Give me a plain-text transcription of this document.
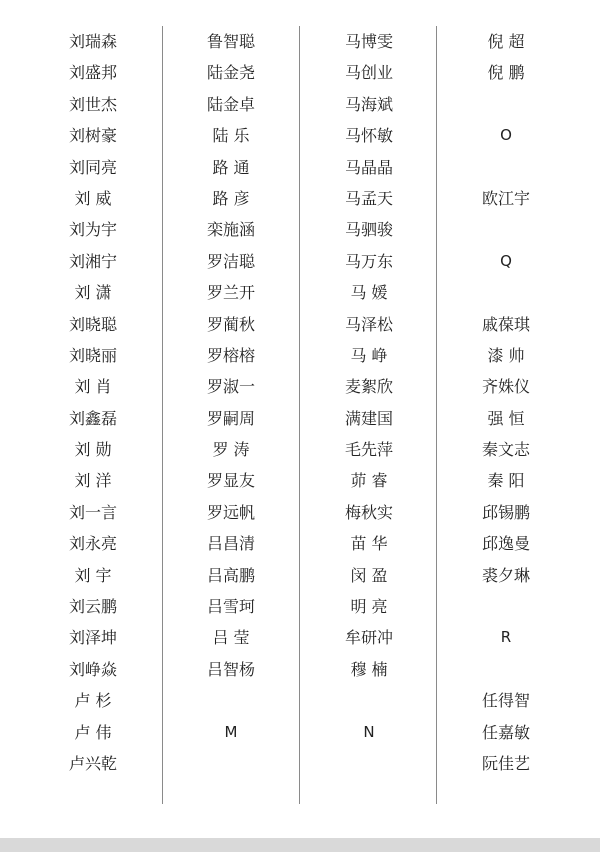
刘瑞森
刘盛邦
刘世杰
刘树豪
刘同亮
刘 威
刘为宇
刘湘宁
刘 潇
刘晓聪
刘晓丽
刘 肖
刘鑫磊
刘 勋
刘 洋
刘一言
刘永亮
刘 宇
刘云鹏
刘泽坤
刘峥焱
卢 杉
卢 伟
卢兴乾
鲁智聪
陆金尧
陆金卓
陆 乐
路 通
路 彦
栾施涵
罗洁聪
罗兰开
罗蔺秋
罗榕榕
罗淑一
罗嗣周
罗 涛
罗显友
罗远帆
吕昌清
吕高鹏
吕雪珂
吕 莹
吕智杨
M
马博雯
马创业
马海斌
马怀敏
马晶晶
马孟天
马驷骏
马万东
马 媛
马泽松
马 峥
麦絮欣
满建国
毛先萍
茆 睿
梅秋实
苗 华
闵 盈
明 亮
牟研冲
穆 楠
N
倪 超
倪 鹏
O
欧江宇
Q
戚葆琪
漆 帅
齐姝仪
强 恒
秦文志
秦 阳
邱锡鹏
邱逸曼
裘夕琳
R
任得智
任嘉敏
阮佳艺
